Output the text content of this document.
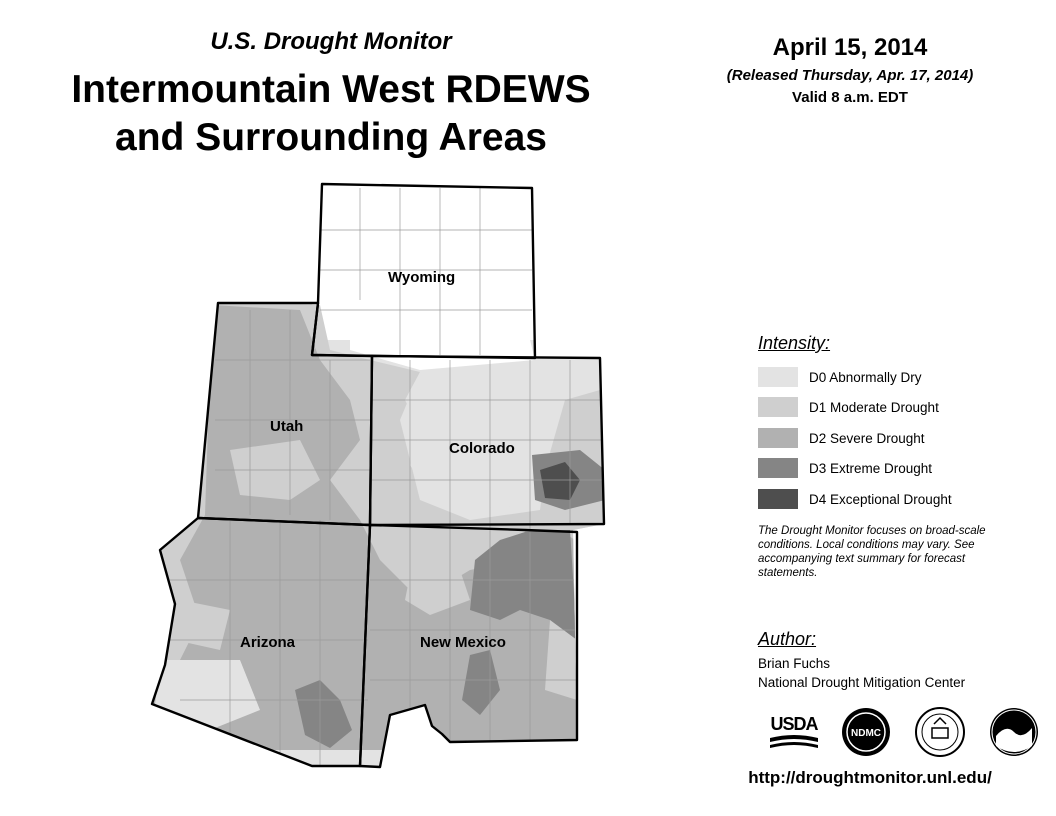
U.S. Drought Monitor
Intermountain West RDEWS
and Surrounding Areas
April 15, 2014
(Released Thursday, Apr. 17, 2014)
Valid 8 a.m. EDT
Wyoming
Utah
Colorado
Arizona	New Mexico
Intensity:
D0 Abnormally Dry
D1 Moderate Drought
D2 Severe Drought
D3 Extreme Drought
D4 Exceptional Drought
The Drought Monitor focuses on broad-scale conditions. Local conditions may vary. See accompanying text summary for forecast statements.
Author:
Brian Fuchs
National Drought Mitigation Center
USDA	NDMC
http://droughtmonitor.unl.edu/
